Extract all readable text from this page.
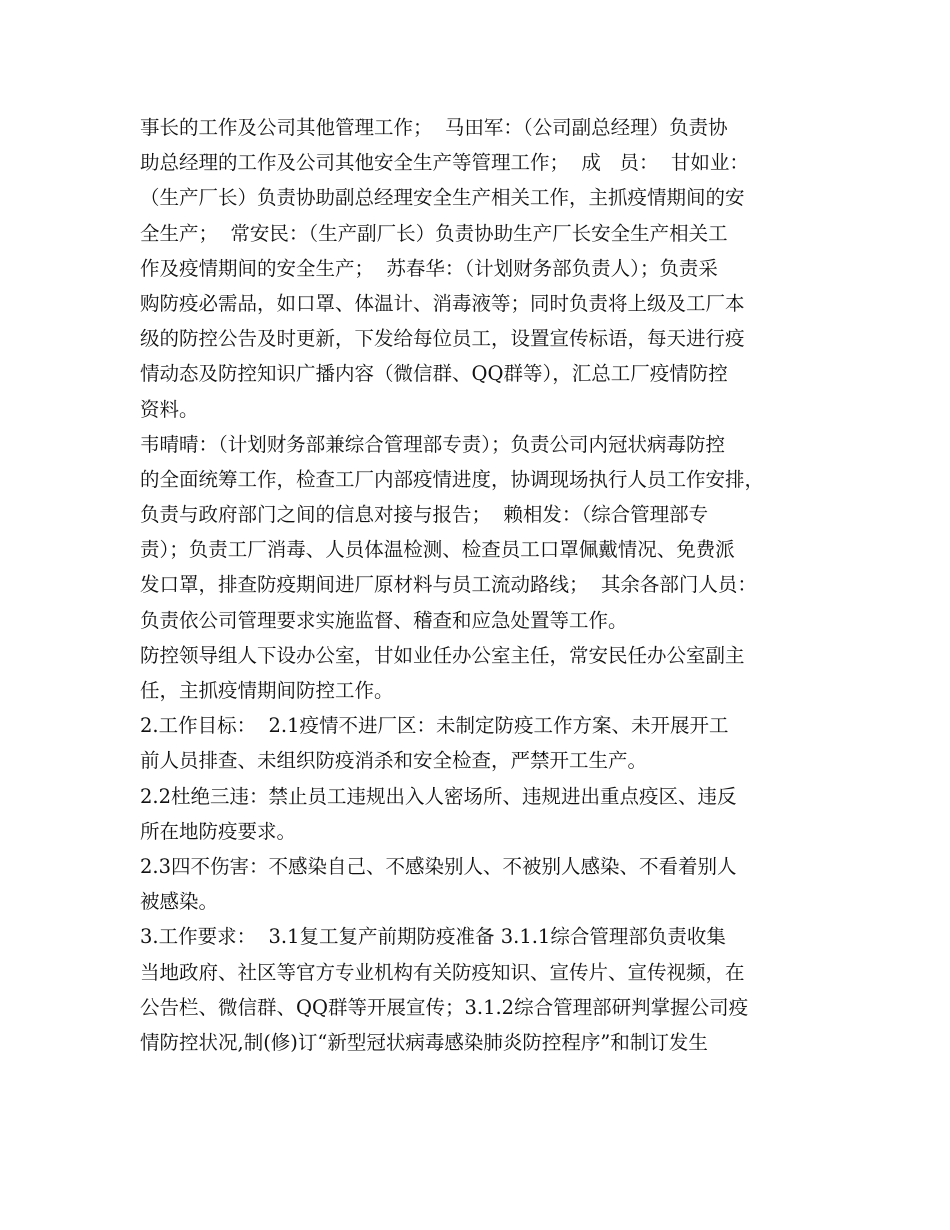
事长的工作及公司其他管理工作；  马田军：（公司副总经理）负责协
助总经理的工作及公司其他安全生产等管理工作；  成   员：  甘如业：
（生产厂长）负责协助副总经理安全生产相关工作，主抓疫情期间的安
全生产；  常安民：（生产副厂长）负责协助生产厂长安全生产相关工
作及疫情期间的安全生产；  苏春华：（计划财务部负责人）；负责采
购防疫必需品，如口罩、体温计、消毒液等；同时负责将上级及工厂本
级的防控公告及时更新，下发给每位员工，设置宣传标语，每天进行疫
情动态及防控知识广播内容（微信群、QQ群等），汇总工厂疫情防控
资料。
韦晴晴：（计划财务部兼综合管理部专责）；负责公司内冠状病毒防控
的全面统筹工作，检查工厂内部疫情进度，协调现场执行人员工作安排，
负责与政府部门之间的信息对接与报告；  赖相发：（综合管理部专
责）；负责工厂消毒、人员体温检测、检查员工口罩佩戴情况、免费派
发口罩，排查防疫期间进厂原材料与员工流动路线；  其余各部门人员：
负责依公司管理要求实施监督、稽查和应急处置等工作。
防控领导组人下设办公室，甘如业任办公室主任，常安民任办公室副主
任，主抓疫情期间防控工作。
2.工作目标：  2.1疫情不进厂区：未制定防疫工作方案、未开展开工
前人员排查、未组织防疫消杀和安全检查，严禁开工生产。
2.2杜绝三违：禁止员工违规出入人密场所、违规进出重点疫区、违反
所在地防疫要求。
2.3四不伤害：不感染自己、不感染别人、不被别人感染、不看着别人
被感染。
3.工作要求：  3.1复工复产前期防疫准备 3.1.1综合管理部负责收集
当地政府、社区等官方专业机构有关防疫知识、宣传片、宣传视频，在
公告栏、微信群、QQ群等开展宣传；3.1.2综合管理部研判掌握公司疫
情防控状况,制(修)订“新型冠状病毒感染肺炎防控程序”和制订发生
